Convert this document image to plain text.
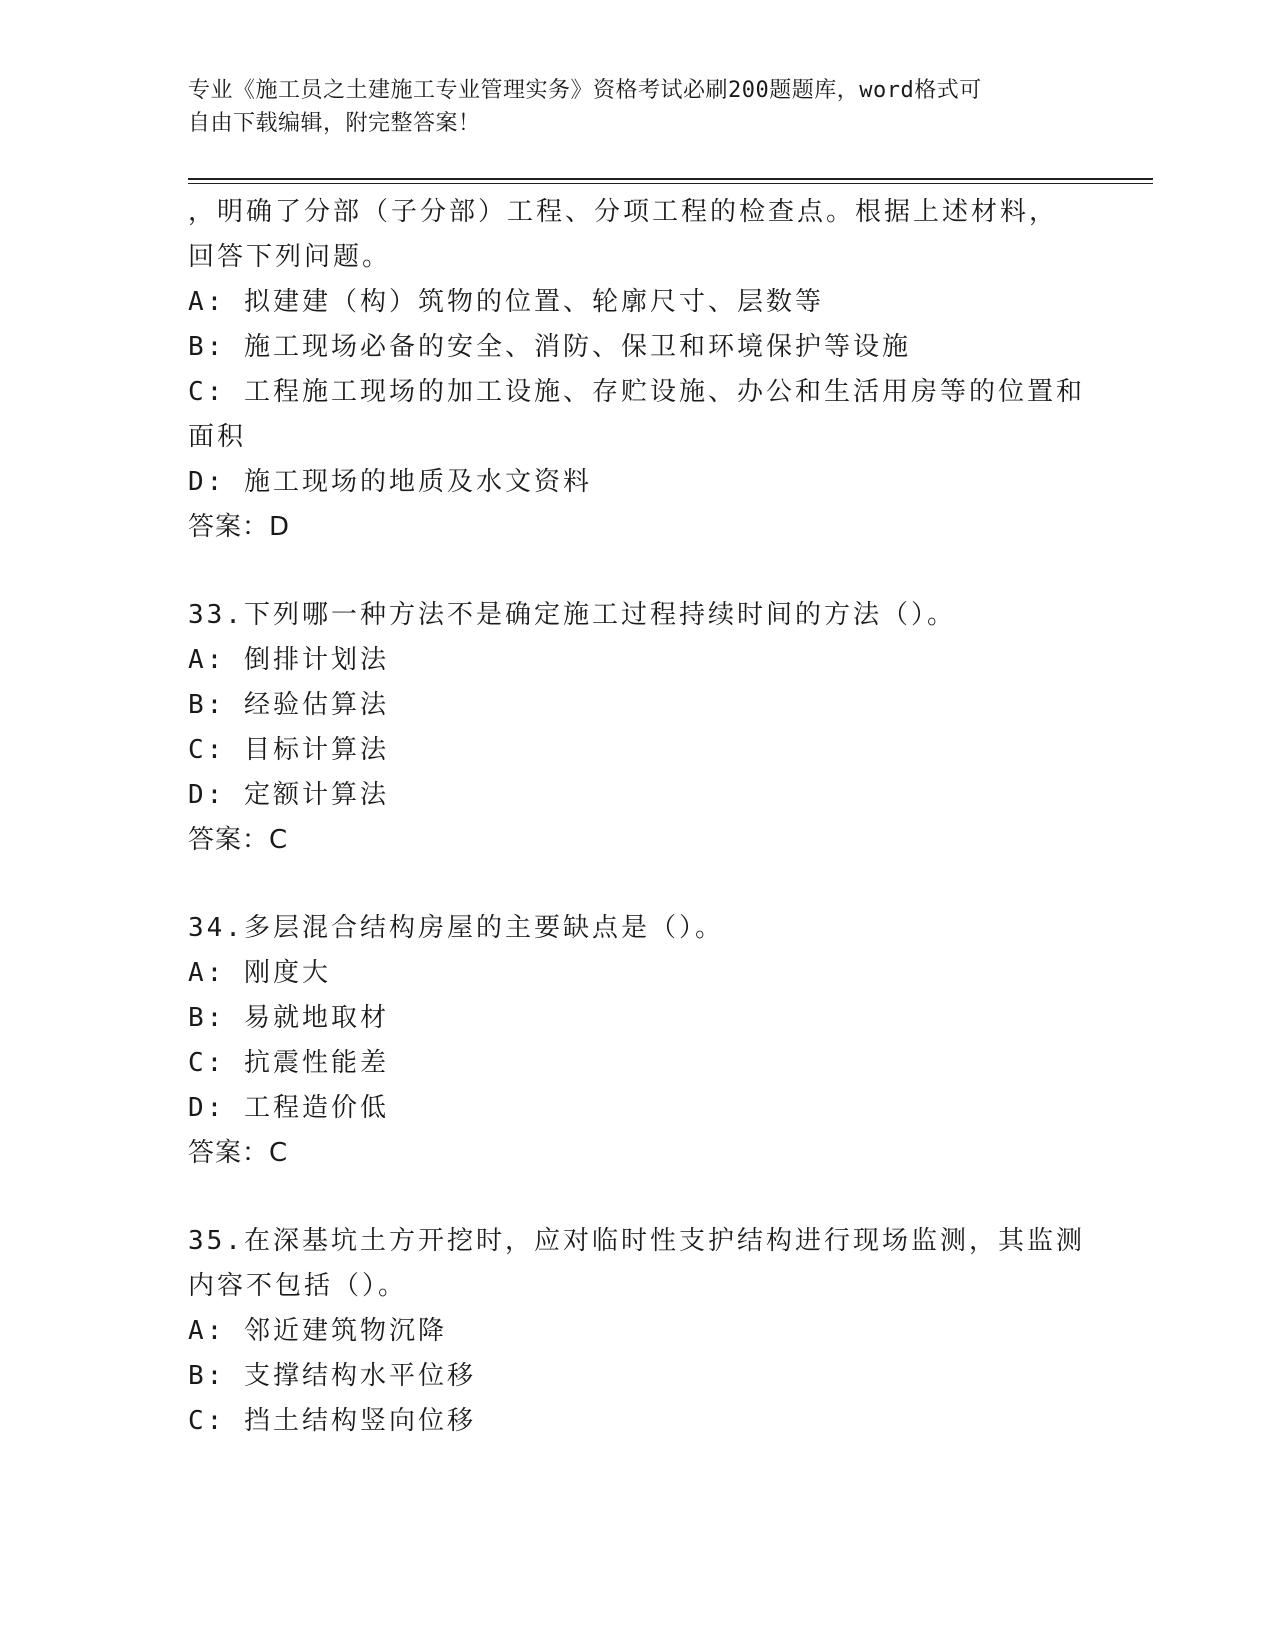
专业《施工员之土建施工专业管理实务》资格考试必刷200题题库，word格式可
自由下载编辑，附完整答案！
，明确了分部（子分部）工程、分项工程的检查点。根据上述材料，
回答下列问题。
A: 拟建建（构）筑物的位置、轮廓尺寸、层数等
B: 施工现场必备的安全、消防、保卫和环境保护等设施
C: 工程施工现场的加工设施、存贮设施、办公和生活用房等的位置和
面积
D: 施工现场的地质及水文资料
答案：D
33.下列哪一种方法不是确定施工过程持续时间的方法（）。
A: 倒排计划法
B: 经验估算法
C: 目标计算法
D: 定额计算法
答案：C
34.多层混合结构房屋的主要缺点是（）。
A: 刚度大
B: 易就地取材
C: 抗震性能差
D: 工程造价低
答案：C
35.在深基坑土方开挖时，应对临时性支护结构进行现场监测，其监测
内容不包括（）。
A: 邻近建筑物沉降
B: 支撑结构水平位移
C: 挡土结构竖向位移
